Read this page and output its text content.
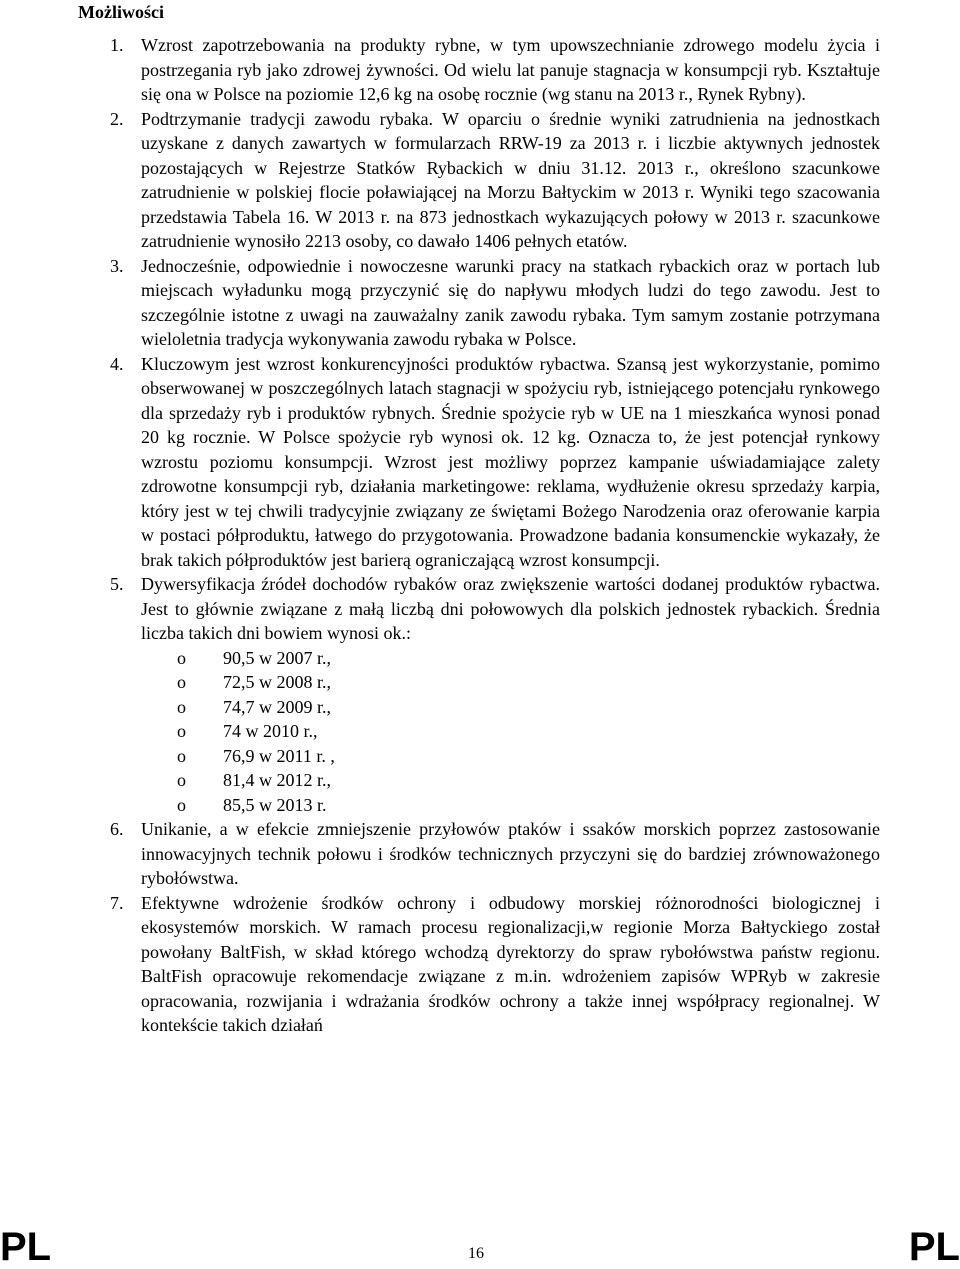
Możliwości
1. Wzrost zapotrzebowania na produkty rybne, w tym upowszechnianie zdrowego modelu życia i postrzegania ryb jako zdrowej żywności. Od wielu lat panuje stagnacja w konsumpcji ryb. Kształtuje się ona w Polsce na poziomie 12,6 kg na osobę rocznie (wg stanu na 2013 r., Rynek Rybny).
2. Podtrzymanie tradycji zawodu rybaka. W oparciu o średnie wyniki zatrudnienia na jednostkach uzyskane z danych zawartych w formularzach RRW-19 za 2013 r. i liczbie aktywnych jednostek pozostających w Rejestrze Statków Rybackich w dniu 31.12. 2013 r., określono szacunkowe zatrudnienie w polskiej flocie poławiającej na Morzu Bałtyckim w 2013 r. Wyniki tego szacowania przedstawia Tabela 16. W 2013 r. na 873 jednostkach wykazujących połowy w 2013 r. szacunkowe zatrudnienie wynosiło 2213 osoby, co dawało 1406 pełnych etatów.
3. Jednocześnie, odpowiednie i nowoczesne warunki pracy na statkach rybackich oraz w portach lub miejscach wyładunku mogą przyczynić się do napływu młodych ludzi do tego zawodu. Jest to szczególnie istotne z uwagi na zauważalny zanik zawodu rybaka. Tym samym zostanie potrzymana wieloletnia tradycja wykonywania zawodu rybaka w Polsce.
4. Kluczowym jest wzrost konkurencyjności produktów rybactwa. Szansą jest wykorzystanie, pomimo obserwowanej w poszczególnych latach stagnacji w spożyciu ryb, istniejącego potencjału rynkowego dla sprzedaży ryb i produktów rybnych. Średnie spożycie ryb w UE na 1 mieszkańca wynosi ponad 20 kg rocznie. W Polsce spożycie ryb wynosi ok. 12 kg. Oznacza to, że jest potencjał rynkowy wzrostu poziomu konsumpcji. Wzrost jest możliwy poprzez kampanie uświadamiające zalety zdrowotne konsumpcji ryb, działania marketingowe: reklama, wydłużenie okresu sprzedaży karpia, który jest w tej chwili tradycyjnie związany ze świętami Bożego Narodzenia oraz oferowanie karpia w postaci półproduktu, łatwego do przygotowania. Prowadzone badania konsumenckie wykazały, że brak takich półproduktów jest barierą ograniczającą wzrost konsumpcji.
5. Dywersyfikacja źródeł dochodów rybaków oraz zwiększenie wartości dodanej produktów rybactwa. Jest to głównie związane z małą liczbą dni połowowych dla polskich jednostek rybackich. Średnia liczba takich dni bowiem wynosi ok.:
o 90,5 w 2007 r.,
o 72,5 w 2008 r.,
o 74,7 w 2009 r.,
o 74 w 2010 r.,
o 76,9 w 2011 r. ,
o 81,4 w 2012 r.,
o 85,5 w 2013 r.
6. Unikanie, a w efekcie zmniejszenie przyłowów ptaków i ssaków morskich poprzez zastosowanie innowacyjnych technik połowu i środków technicznych przyczyni się do bardziej zrównoważonego rybołówstwa.
7. Efektywne wdrożenie środków ochrony i odbudowy morskiej różnorodności biologicznej i ekosystemów morskich. W ramach procesu regionalizacji,w regionie Morza Bałtyckiego został powołany BaltFish, w skład którego wchodzą dyrektorzy do spraw rybołówstwa państw regionu. BaltFish opracowuje rekomendacje związane z m.in. wdrożeniem zapisów WPRyb w zakresie opracowania, rozwijania i wdrażania środków ochrony a także innej współpracy regionalnej. W kontekście takich działań
PL	16	PL
